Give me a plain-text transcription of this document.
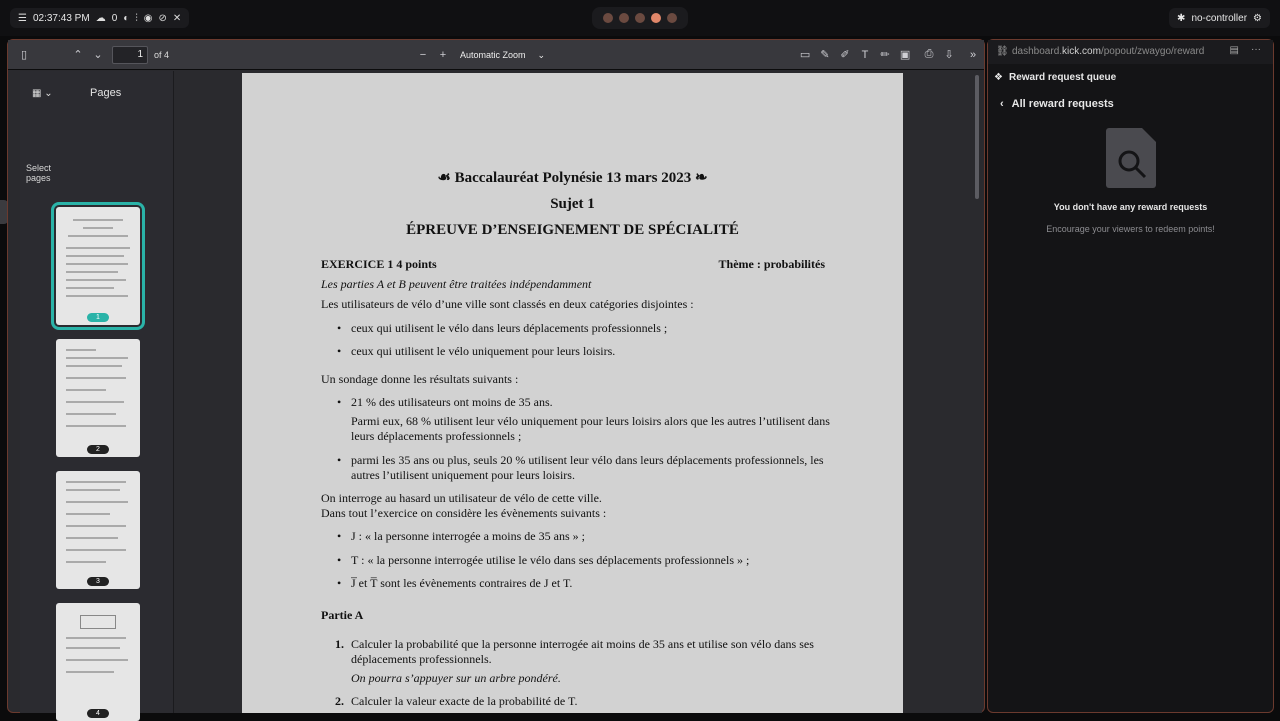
☰ 02:37:43 PM ☁ 0 ◐ ⫶ ◉ ⊘ ✕	✱ no-controller ⚙
▯	⌃ ⌄	1	of 4	−	+	Automatic Zoom ⌄	▭ ✎ ✐	T	✏ ▣	⎙ ⇩	»
▦ ⌄	Pages
Select pages
1
2
3
4
☙ Baccalauréat Polynésie 13 mars 2023 ❧
Sujet 1
ÉPREUVE D’ENSEIGNEMENT DE SPÉCIALITÉ
EXERCICE 1 4 points	Thème : probabilités
Les parties A et B peuvent être traitées indépendamment
Les utilisateurs de vélo d’une ville sont classés en deux catégories disjointes :
• ceux qui utilisent le vélo dans leurs déplacements professionnels ;
• ceux qui utilisent le vélo uniquement pour leurs loisirs.
Un sondage donne les résultats suivants :
• 21 % des utilisateurs ont moins de 35 ans.
Parmi eux, 68 % utilisent leur vélo uniquement pour leurs loisirs alors que les autres l’utilisent dans leurs déplacements professionnels ;
• parmi les 35 ans ou plus, seuls 20 % utilisent leur vélo dans leurs déplacements professionnels, les autres l’utilisent uniquement pour leurs loisirs.
On interroge au hasard un utilisateur de vélo de cette ville.
Dans tout l’exercice on considère les évènements suivants :
• J : « la personne interrogée a moins de 35 ans » ;
• T : « la personne interrogée utilise le vélo dans ses déplacements professionnels » ;
• J̅ et T̅ sont les évènements contraires de J et T.
Partie A
1. Calculer la probabilité que la personne interrogée ait moins de 35 ans et utilise son vélo dans ses déplacements professionnels.
On pourra s’appuyer sur un arbre pondéré.
2. Calculer la valeur exacte de la probabilité de T.
⛓ dashboard.kick.com/popout/zwaygo/reward	▤ ···
❖ Reward request queue
‹ All reward requests
You don't have any reward requests
Encourage your viewers to redeem points!
